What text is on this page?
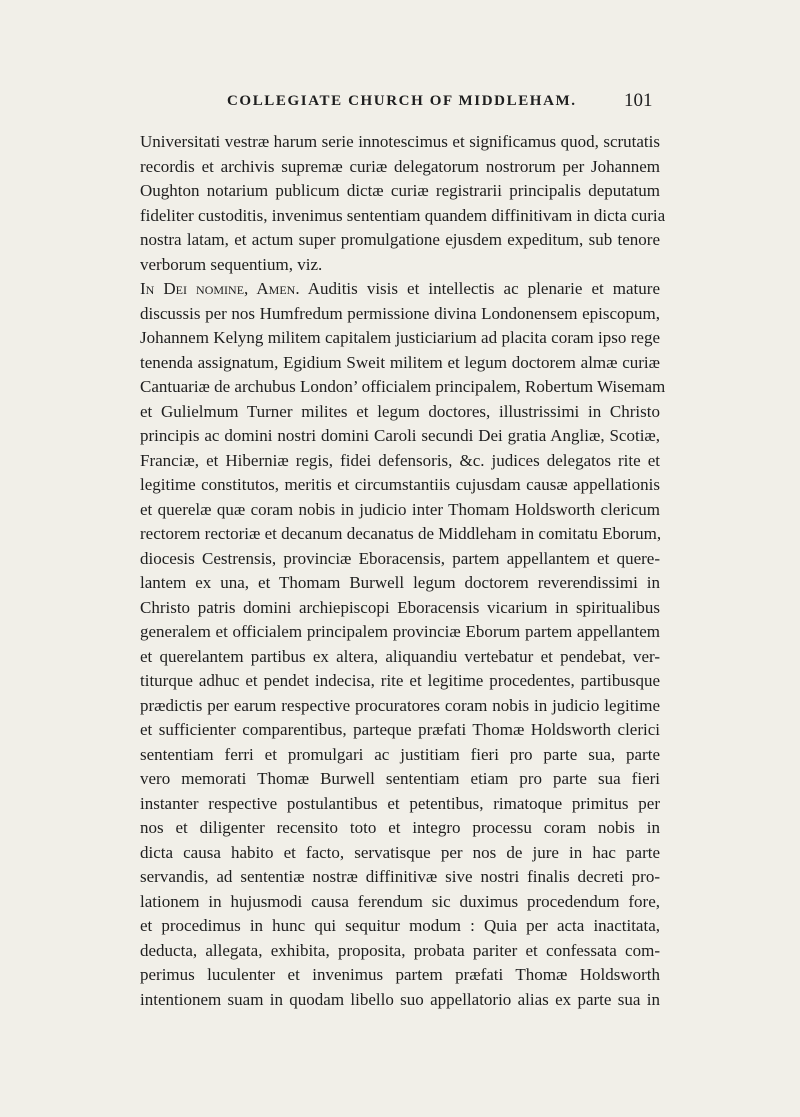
COLLEGIATE CHURCH OF MIDDLEHAM. 101
Universitati vestræ harum serie innotescimus et significamus quod, scrutatis
recordis et archivis supremæ curiæ delegatorum nostrorum per Johannem
Oughton notarium publicum dictæ curiæ registrarii principalis deputatum
fideliter custoditis, invenimus sententiam quandem diffinitivam in dicta curia
nostra latam, et actum super promulgatione ejusdem expeditum, sub tenore
verborum sequentium, viz.
In Dei nomine, Amen. Auditis visis et intellectis ac plenarie et mature
discussis per nos Humfredum permissione divina Londonensem episcopum,
Johannem Kelyng militem capitalem justiciarium ad placita coram ipso rege
tenenda assignatum, Egidium Sweit militem et legum doctorem almæ curiæ
Cantuariæ de archubus London’ officialem principalem, Robertum Wisemam
et Gulielmum Turner milites et legum doctores, illustrissimi in Christo
principis ac domini nostri domini Caroli secundi Dei gratia Angliæ, Scotiæ,
Franciæ, et Hiberniæ regis, fidei defensoris, &c. judices delegatos rite et
legitime constitutos, meritis et circumstantiis cujusdam causæ appellationis
et querelæ quæ coram nobis in judicio inter Thomam Holdsworth clericum
rectorem rectoriæ et decanum decanatus de Middleham in comitatu Eborum,
diocesis Cestrensis, provinciæ Eboracensis, partem appellantem et quere-
lantem ex una, et Thomam Burwell legum doctorem reverendissimi in
Christo patris domini archiepiscopi Eboracensis vicarium in spiritualibus
generalem et officialem principalem provinciæ Eborum partem appellantem
et querelantem partibus ex altera, aliquandiu vertebatur et pendebat, ver-
titurque adhuc et pendet indecisa, rite et legitime procedentes, partibusque
prædictis per earum respective procuratores coram nobis in judicio legitime
et sufficienter comparentibus, parteque præfati Thomæ Holdsworth clerici
sententiam ferri et promulgari ac justitiam fieri pro parte sua, parte
vero memorati Thomæ Burwell sententiam etiam pro parte sua fieri
instanter respective postulantibus et petentibus, rimatoque primitus per
nos et diligenter recensito toto et integro processu coram nobis in
dicta causa habito et facto, servatisque per nos de jure in hac parte
servandis, ad sententiæ nostræ diffinitivæ sive nostri finalis decreti pro-
lationem in hujusmodi causa ferendum sic duximus procedendum fore,
et procedimus in hunc qui sequitur modum : Quia per acta inactitata,
deducta, allegata, exhibita, proposita, probata pariter et confessata com-
perimus luculenter et invenimus partem præfati Thomæ Holdsworth
intentionem suam in quodam libello suo appellatorio alias ex parte sua in
